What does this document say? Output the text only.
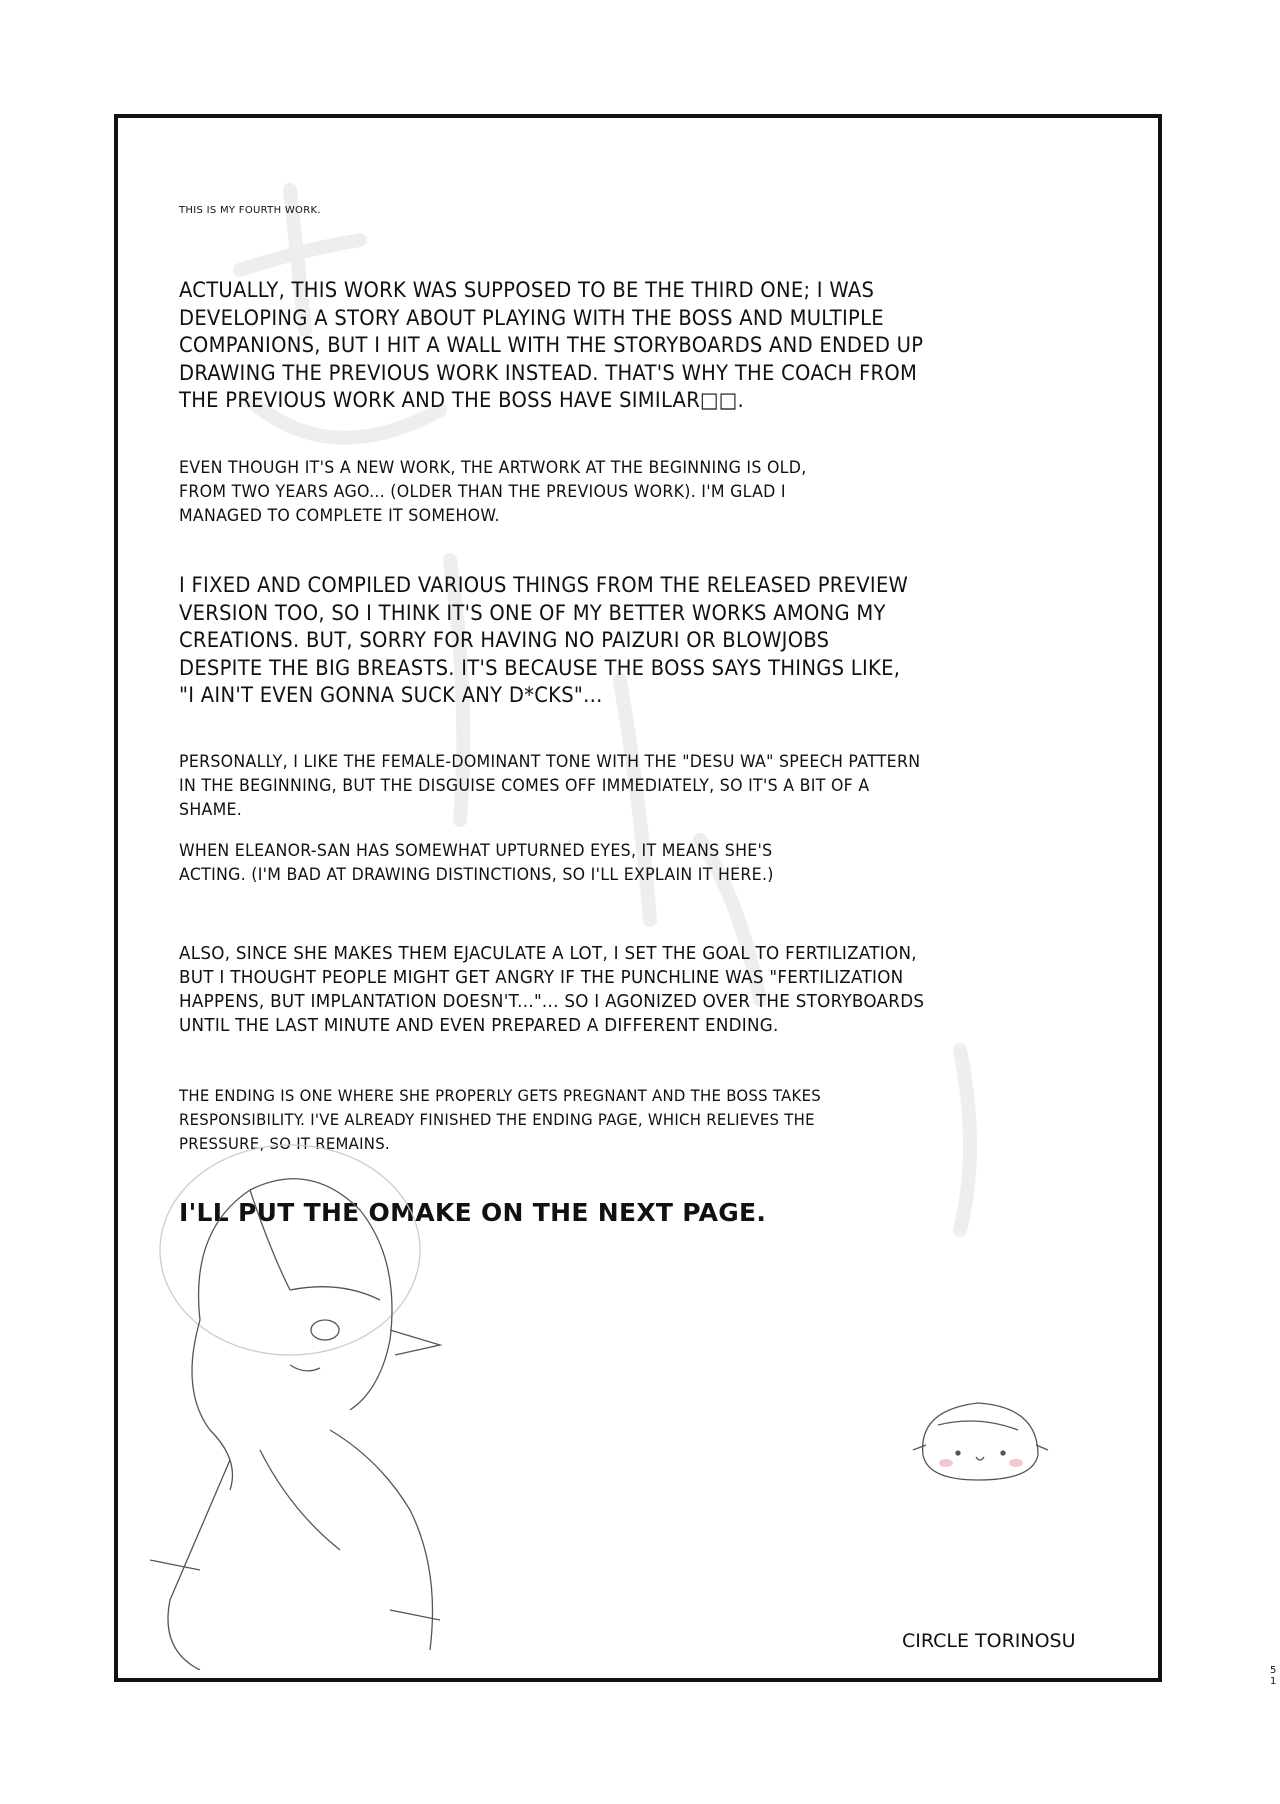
THIS IS MY FOURTH WORK.
ACTUALLY, THIS WORK WAS SUPPOSED TO BE THE THIRD ONE; I WAS
DEVELOPING A STORY ABOUT PLAYING WITH THE BOSS AND MULTIPLE
COMPANIONS, BUT I HIT A WALL WITH THE STORYBOARDS AND ENDED UP
DRAWING THE PREVIOUS WORK INSTEAD. THAT'S WHY THE COACH FROM
THE PREVIOUS WORK AND THE BOSS HAVE SIMILAR□□.
EVEN THOUGH IT'S A NEW WORK, THE ARTWORK AT THE BEGINNING IS OLD,
FROM TWO YEARS AGO... (OLDER THAN THE PREVIOUS WORK). I'M GLAD I
MANAGED TO COMPLETE IT SOMEHOW.
I FIXED AND COMPILED VARIOUS THINGS FROM THE RELEASED PREVIEW
VERSION TOO, SO I THINK IT'S ONE OF MY BETTER WORKS AMONG MY
CREATIONS. BUT, SORRY FOR HAVING NO PAIZURI OR BLOWJOBS
DESPITE THE BIG BREASTS. IT'S BECAUSE THE BOSS SAYS THINGS LIKE,
"I AIN'T EVEN GONNA SUCK ANY D*CKS"...
PERSONALLY, I LIKE THE FEMALE-DOMINANT TONE WITH THE "DESU WA" SPEECH PATTERN
IN THE BEGINNING, BUT THE DISGUISE COMES OFF IMMEDIATELY, SO IT'S A BIT OF A
SHAME.
WHEN ELEANOR-SAN HAS SOMEWHAT UPTURNED EYES, IT MEANS SHE'S
ACTING. (I'M BAD AT DRAWING DISTINCTIONS, SO I'LL EXPLAIN IT HERE.)
ALSO, SINCE SHE MAKES THEM EJACULATE A LOT, I SET THE GOAL TO FERTILIZATION,
BUT I THOUGHT PEOPLE MIGHT GET ANGRY IF THE PUNCHLINE WAS "FERTILIZATION
HAPPENS, BUT IMPLANTATION DOESN'T..."... SO I AGONIZED OVER THE STORYBOARDS
UNTIL THE LAST MINUTE AND EVEN PREPARED A DIFFERENT ENDING.
THE ENDING IS ONE WHERE SHE PROPERLY GETS PREGNANT AND THE BOSS TAKES
RESPONSIBILITY. I'VE ALREADY FINISHED THE ENDING PAGE, WHICH RELIEVES THE
PRESSURE, SO IT REMAINS.
I'LL PUT THE OMAKE ON THE NEXT PAGE.
CIRCLE TORINOSU
51
